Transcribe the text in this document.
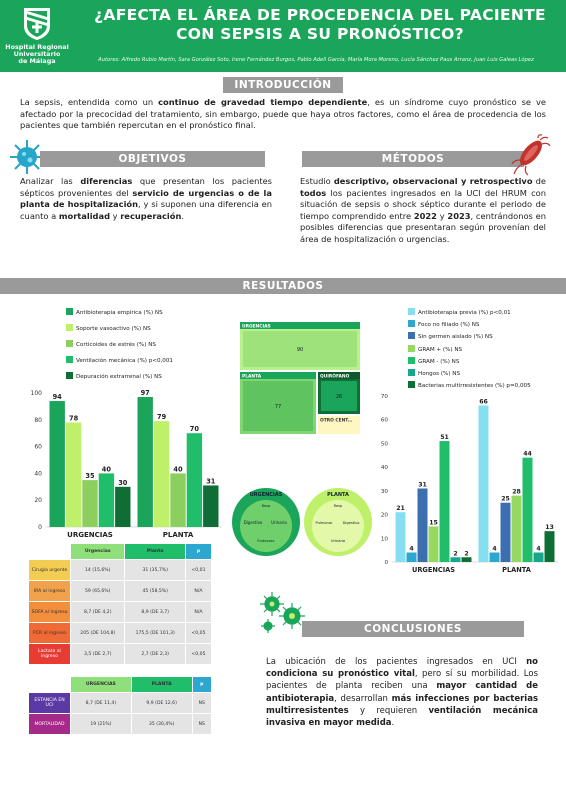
Hospital Regional
Universitario
de Málaga
¿AFECTA EL ÁREA DE PROCEDENCIA DEL PACIENTE
CON SEPSIS A SU PRONÓSTICO?
Autores: Alfredo Rubio Martín, Sara González Soto, Irene Fernández Burgos, Pablo Adell García, María Mora Moreno, Lucía Sánchez Paus Arranz, Juan Luis Galeas López
INTRODUCCIÓN
La sepsis, entendida como un continuo de gravedad tiempo dependiente, es un síndrome cuyo pronóstico se ve afectado por la precocidad del tratamiento, sin embargo, puede que haya otros factores, como el área de procedencia de los pacientes que también repercutan en el pronóstico final.
OBJETIVOS
Analizar las diferencias que presentan los pacientes sépticos provenientes del servicio de urgencias o de la planta de hospitalización, y si suponen una diferencia en cuanto a mortalidad y recuperación.
MÉTODOS
Estudio descriptivo, observacional y retrospectivo de todos los pacientes ingresados en la UCI del HRUM con situación de sepsis o shock séptico durante el periodo de tiempo comprendido entre 2022 y 2023, centrándonos en posibles diferencias que presentaran según provenían del área de hospitalización o urgencias.
RESULTADOS
Antibioterapia empírica (%) NS
Soporte vasoactivo (%) NS
Corticoides de estrés (%) NS
Ventilación mecánica (%) p<0,001
Depuración extrarrenal (%) NS
0
20
40
60
80
100 94
78
35
40
30
URGENCIAS
97
79
40
70
31
PLANTA
URGENCIAS
90
PLANTA
77
QUIRÓFANO
26
OTRO CENT...
URGENCIAS
Resp
Digestivo Urinario
Endovasc
PLANTA
Resp
Pulmonar	Digestivo
Urinario
Antibioterapia previa (%) p<0,01
Foco no filiado (%) NS
Sin germen aislado (%) NS
GRAM + (%) NS
GRAM - (%) NS
Hongos (%) NS
Bacterias multirresistentes (%) p=0,005
0
10
20
30
40
50
60
70
21
4
31
15
51
2 2
URGENCIAS
66
4
25
28
44
4
13
PLANTA
	Urgencias	Planta	p
Cirugía urgente	14 (15,6%)	31 (35,7%)	<0,01
IRA al ingreso	59 (65,6%)	45 (58,5%)	N/A
SOFA al ingreso	8,7 (DE 4,2)	8,9 (DE 3,7)	N/A
PCR al ingreso	205 (DE 104,8)	175,5 (DE 101,3)	<0,05
Lactato al ingreso	3,5 (DE 2,7)	2,7 (DE 2,3)	<0,05
	URGENCIAS	PLANTA	p
ESTANCIA EN UCI	8,7 (DE 11,4)	9,9 (DE 12,6)	NS
MORTALIDAD	19 (21%)	35 (30,4%)	NS
CONCLUSIONES
La ubicación de los pacientes ingresados en UCI no condiciona su pronóstico vital, pero sí su morbilidad. Los pacientes de planta reciben una mayor cantidad de antibioterapia, desarrollan más infecciones por bacterias multirresistentes y requieren ventilación mecánica invasiva en mayor medida.
